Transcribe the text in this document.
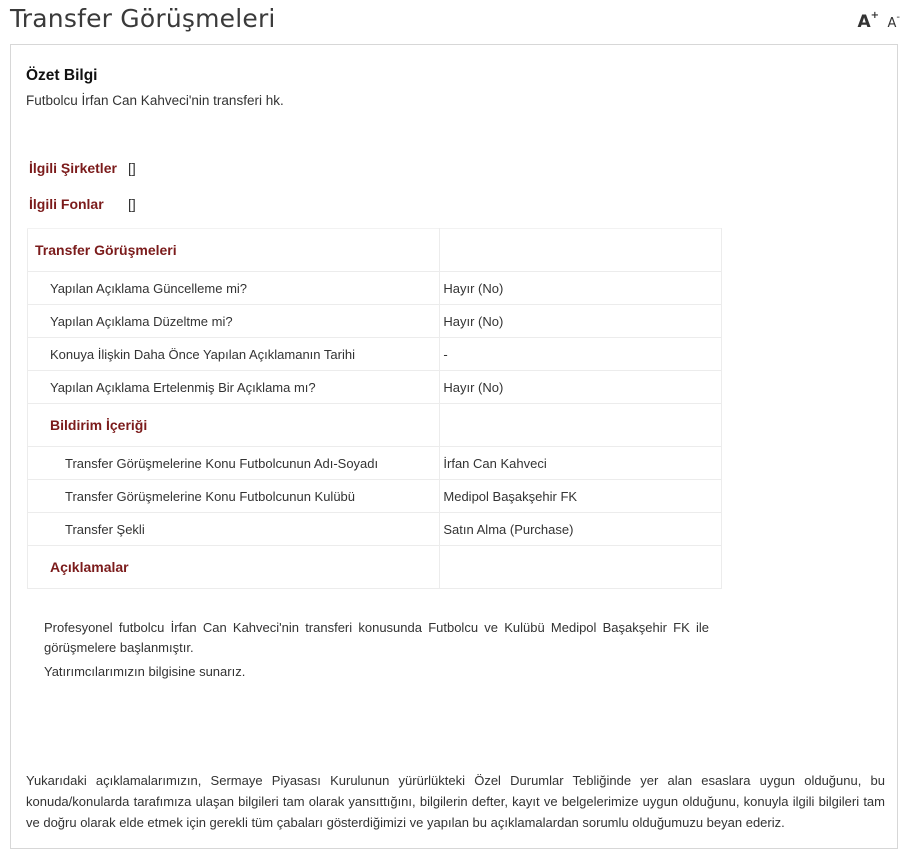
Transfer Görüşmeleri	A+ A-
Özet Bilgi
Futbolcu İrfan Can Kahveci'nin transferi hk.
İlgili Şirketler []
İlgili Fonlar []
Transfer Görüşmeleri	
Yapılan Açıklama Güncelleme mi?	Hayır (No)
Yapılan Açıklama Düzeltme mi?	Hayır (No)
Konuya İlişkin Daha Önce Yapılan Açıklamanın Tarihi	-
Yapılan Açıklama Ertelenmiş Bir Açıklama mı?	Hayır (No)
Bildirim İçeriği	
Transfer Görüşmelerine Konu Futbolcunun Adı-Soyadı	İrfan Can Kahveci
Transfer Görüşmelerine Konu Futbolcunun Kulübü	Medipol Başakşehir FK
Transfer Şekli	Satın Alma (Purchase)
Açıklamalar	

Profesyonel futbolcu İrfan Can Kahveci'nin transferi konusunda Futbolcu ve Kulübü Medipol Başakşehir FK ile görüşmelere başlanmıştır.

Yatırımcılarımızın bilgisine sunarız.

Yukarıdaki açıklamalarımızın, Sermaye Piyasası Kurulunun yürürlükteki Özel Durumlar Tebliğinde yer alan esaslara uygun olduğunu, bu konuda/konularda tarafımıza ulaşan bilgileri tam olarak yansıttığını, bilgilerin defter, kayıt ve belgelerimize uygun olduğunu, konuyla ilgili bilgileri tam ve doğru olarak elde etmek için gerekli tüm çabaları gösterdiğimizi ve yapılan bu açıklamalardan sorumlu olduğumuzu beyan ederiz.
